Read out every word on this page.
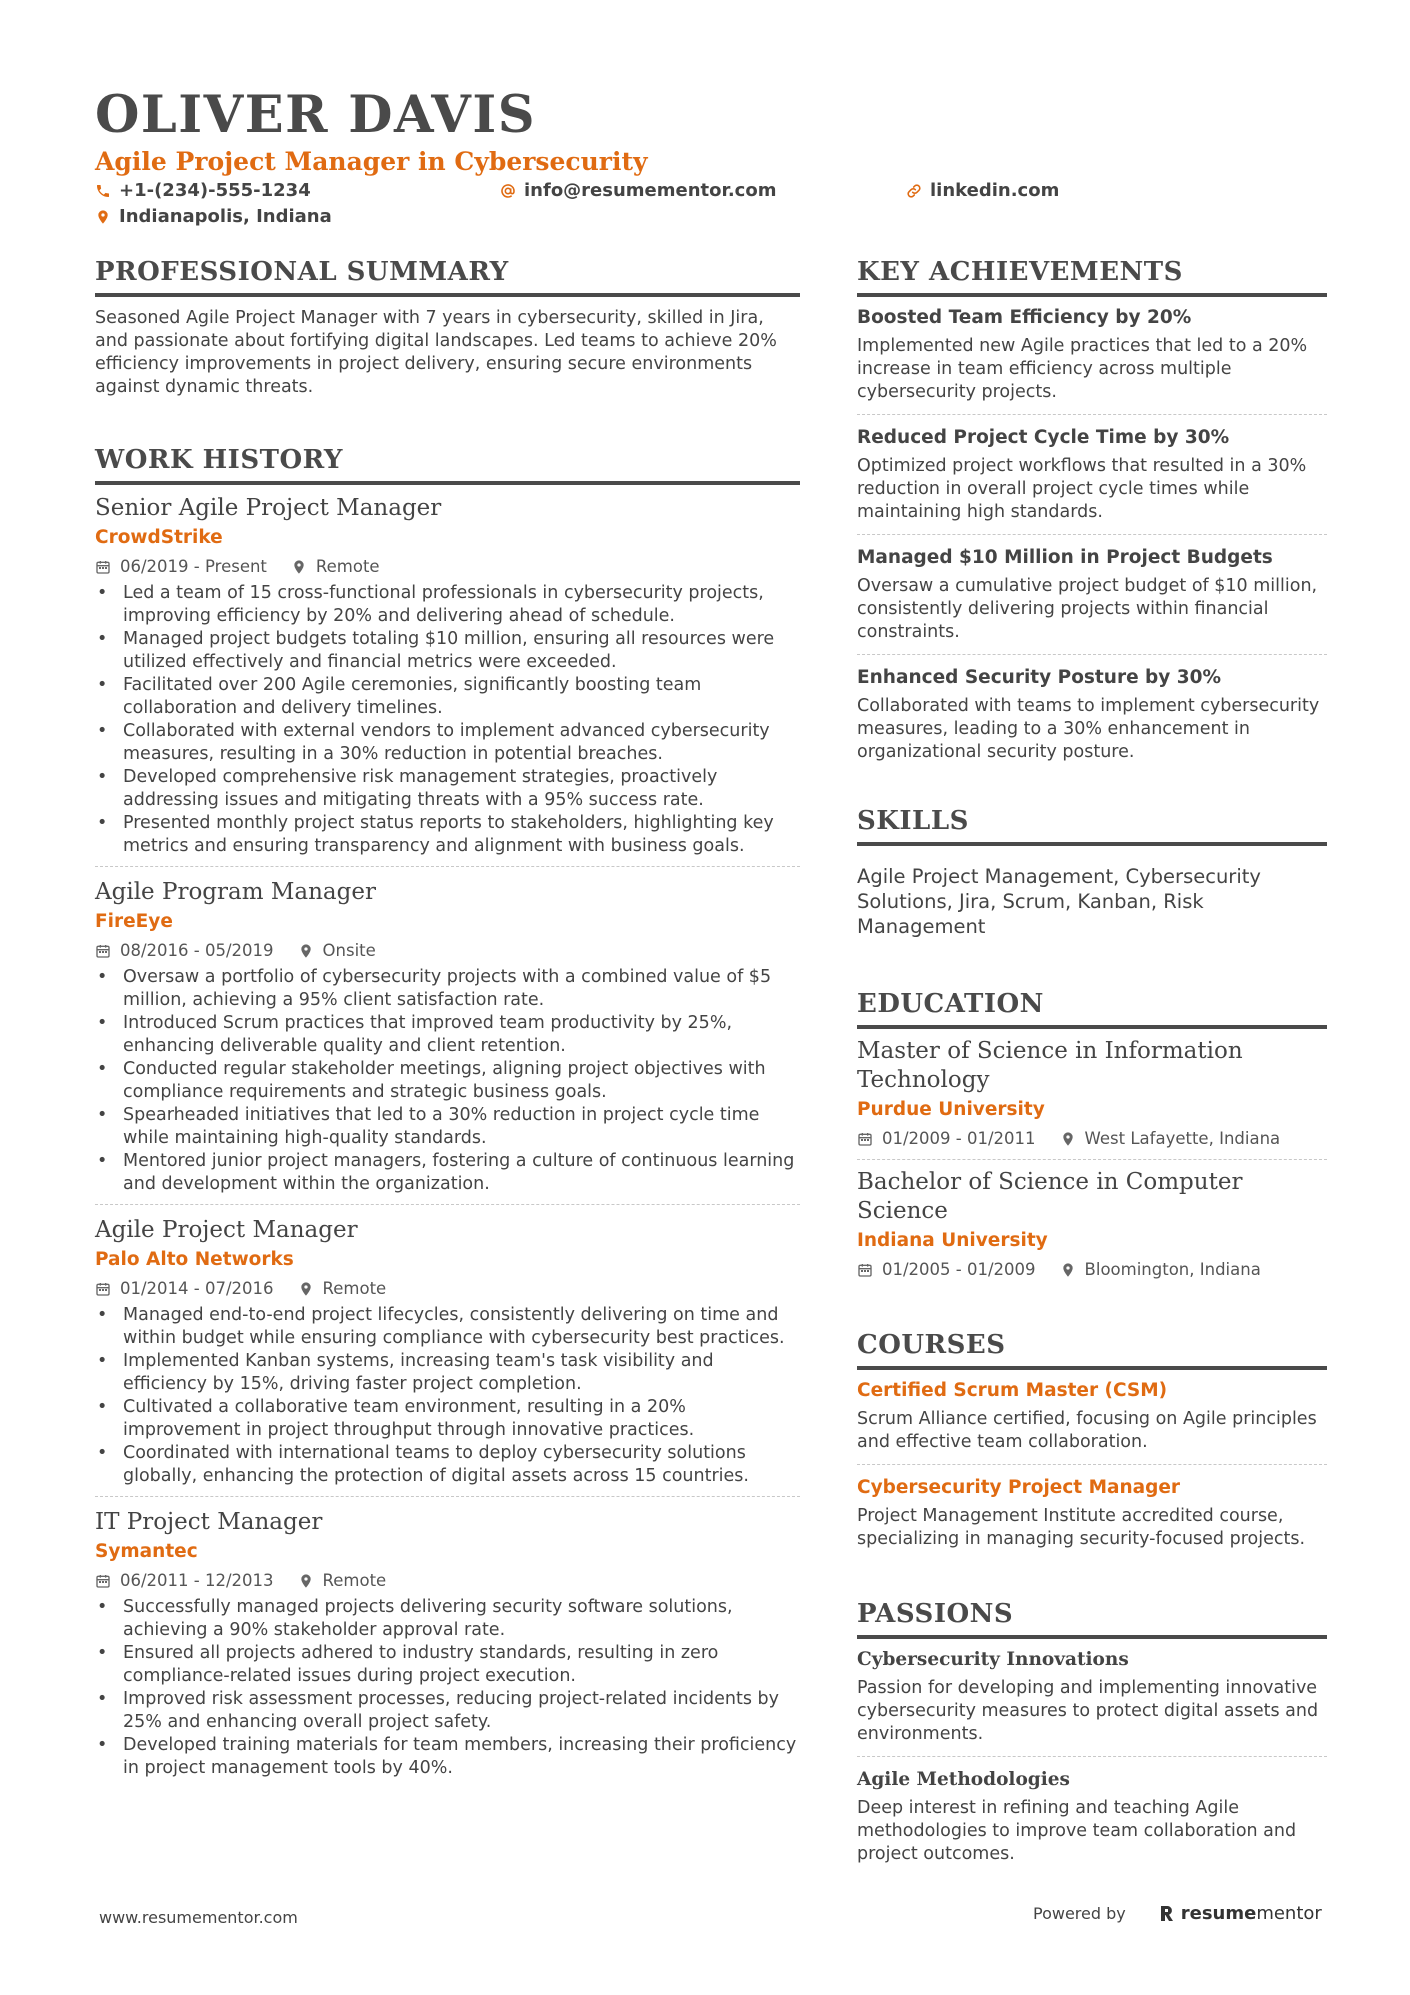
OLIVER DAVIS
Agile Project Manager in Cybersecurity
+1-(234)-555-1234	info@resumementor.com	linkedin.com
Indianapolis, Indiana
PROFESSIONAL SUMMARY
Seasoned Agile Project Manager with 7 years in cybersecurity, skilled in Jira, and passionate about fortifying digital landscapes. Led teams to achieve 20% efficiency improvements in project delivery, ensuring secure environments against dynamic threats.
WORK HISTORY
Senior Agile Project Manager
CrowdStrike
06/2019 - Present	Remote
• Led a team of 15 cross-functional professionals in cybersecurity projects, improving efficiency by 20% and delivering ahead of schedule.
• Managed project budgets totaling $10 million, ensuring all resources were utilized effectively and financial metrics were exceeded.
• Facilitated over 200 Agile ceremonies, significantly boosting team collaboration and delivery timelines.
• Collaborated with external vendors to implement advanced cybersecurity measures, resulting in a 30% reduction in potential breaches.
• Developed comprehensive risk management strategies, proactively addressing issues and mitigating threats with a 95% success rate.
• Presented monthly project status reports to stakeholders, highlighting key metrics and ensuring transparency and alignment with business goals.
Agile Program Manager
FireEye
08/2016 - 05/2019	Onsite
• Oversaw a portfolio of cybersecurity projects with a combined value of $5 million, achieving a 95% client satisfaction rate.
• Introduced Scrum practices that improved team productivity by 25%, enhancing deliverable quality and client retention.
• Conducted regular stakeholder meetings, aligning project objectives with compliance requirements and strategic business goals.
• Spearheaded initiatives that led to a 30% reduction in project cycle time while maintaining high-quality standards.
• Mentored junior project managers, fostering a culture of continuous learning and development within the organization.
Agile Project Manager
Palo Alto Networks
01/2014 - 07/2016	Remote
• Managed end-to-end project lifecycles, consistently delivering on time and within budget while ensuring compliance with cybersecurity best practices.
• Implemented Kanban systems, increasing team's task visibility and efficiency by 15%, driving faster project completion.
• Cultivated a collaborative team environment, resulting in a 20% improvement in project throughput through innovative practices.
• Coordinated with international teams to deploy cybersecurity solutions globally, enhancing the protection of digital assets across 15 countries.
IT Project Manager
Symantec
06/2011 - 12/2013	Remote
• Successfully managed projects delivering security software solutions, achieving a 90% stakeholder approval rate.
• Ensured all projects adhered to industry standards, resulting in zero compliance-related issues during project execution.
• Improved risk assessment processes, reducing project-related incidents by 25% and enhancing overall project safety.
• Developed training materials for team members, increasing their proficiency in project management tools by 40%.
KEY ACHIEVEMENTS
Boosted Team Efficiency by 20%
Implemented new Agile practices that led to a 20% increase in team efficiency across multiple cybersecurity projects.
Reduced Project Cycle Time by 30%
Optimized project workflows that resulted in a 30% reduction in overall project cycle times while maintaining high standards.
Managed $10 Million in Project Budgets
Oversaw a cumulative project budget of $10 million, consistently delivering projects within financial constraints.
Enhanced Security Posture by 30%
Collaborated with teams to implement cybersecurity measures, leading to a 30% enhancement in organizational security posture.
SKILLS
Agile Project Management, Cybersecurity Solutions, Jira, Scrum, Kanban, Risk Management
EDUCATION
Master of Science in Information Technology
Purdue University
01/2009 - 01/2011	West Lafayette, Indiana
Bachelor of Science in Computer Science
Indiana University
01/2005 - 01/2009	Bloomington, Indiana
COURSES
Certified Scrum Master (CSM)
Scrum Alliance certified, focusing on Agile principles and effective team collaboration.
Cybersecurity Project Manager
Project Management Institute accredited course, specializing in managing security-focused projects.
PASSIONS
Cybersecurity Innovations
Passion for developing and implementing innovative cybersecurity measures to protect digital assets and environments.
Agile Methodologies
Deep interest in refining and teaching Agile methodologies to improve team collaboration and project outcomes.
www.resumementor.com	Powered by	resume mentor
